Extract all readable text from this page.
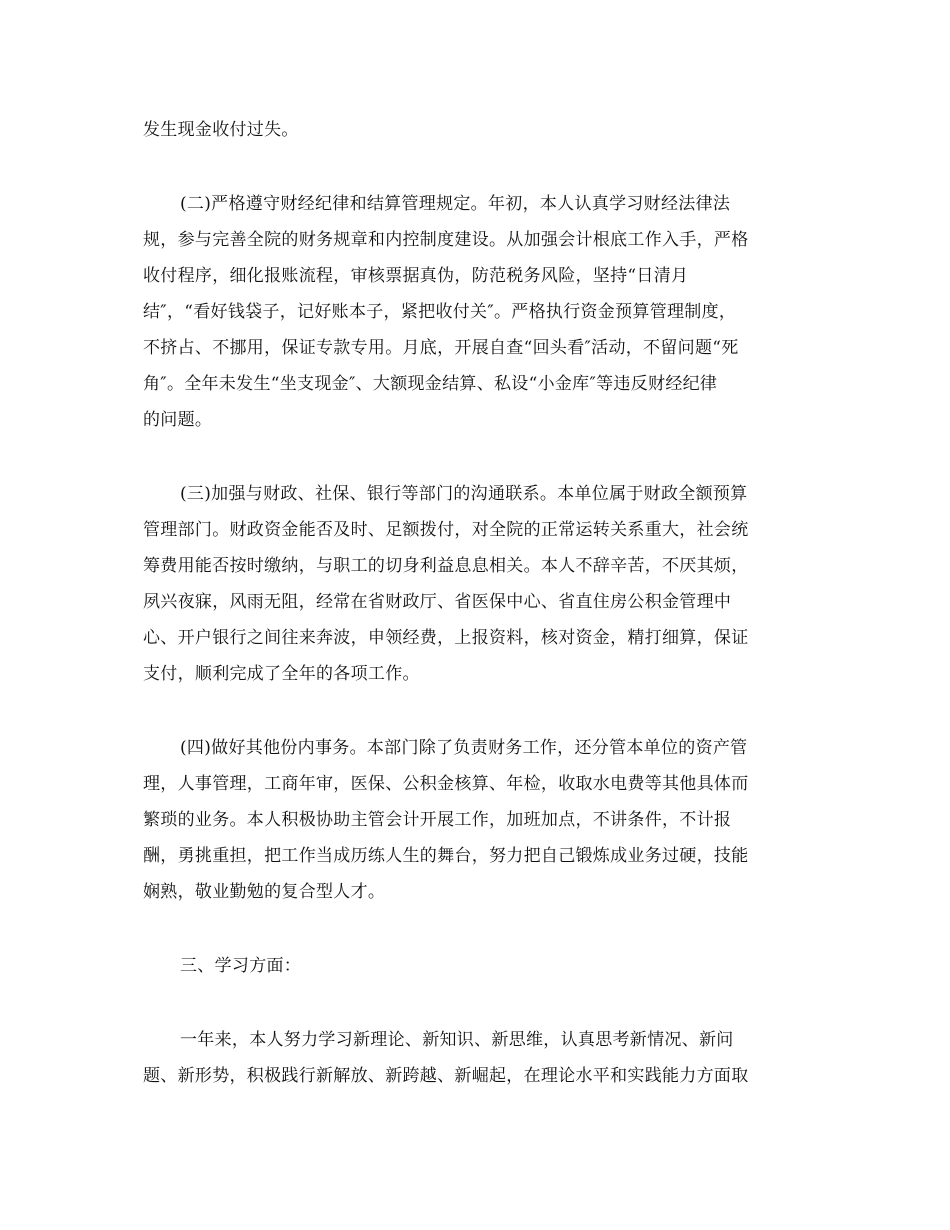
发生现金收付过失。

(二)严格遵守财经纪律和结算管理规定。年初，本人认真学习财经法律法

规，参与完善全院的财务规章和内控制度建设。从加强会计根底工作入手，严格

收付程序，细化报账流程，审核票据真伪，防范税务风险，坚持“日清月

结″，“看好钱袋子，记好账本子，紧把收付关″。严格执行资金预算管理制度，

不挤占、不挪用，保证专款专用。月底，开展自查“回头看″活动，不留问题“死

角″。全年未发生“坐支现金″、大额现金结算、私设“小金库″等违反财经纪律

的问题。

(三)加强与财政、社保、银行等部门的沟通联系。本单位属于财政全额预算

管理部门。财政资金能否及时、足额拨付，对全院的正常运转关系重大，社会统

筹费用能否按时缴纳，与职工的切身利益息息相关。本人不辞辛苦，不厌其烦，

夙兴夜寐，风雨无阻，经常在省财政厅、省医保中心、省直住房公积金管理中

心、开户银行之间往来奔波，申领经费，上报资料，核对资金，精打细算，保证

支付，顺利完成了全年的各项工作。

(四)做好其他份内事务。本部门除了负责财务工作，还分管本单位的资产管

理，人事管理，工商年审，医保、公积金核算、年检，收取水电费等其他具体而

繁琐的业务。本人积极协助主管会计开展工作，加班加点，不讲条件，不计报

酬，勇挑重担，把工作当成历练人生的舞台，努力把自己锻炼成业务过硬，技能

娴熟，敬业勤勉的复合型人才。

三、学习方面：

一年来，本人努力学习新理论、新知识、新思维，认真思考新情况、新问

题、新形势，积极践行新解放、新跨越、新崛起，在理论水平和实践能力方面取
